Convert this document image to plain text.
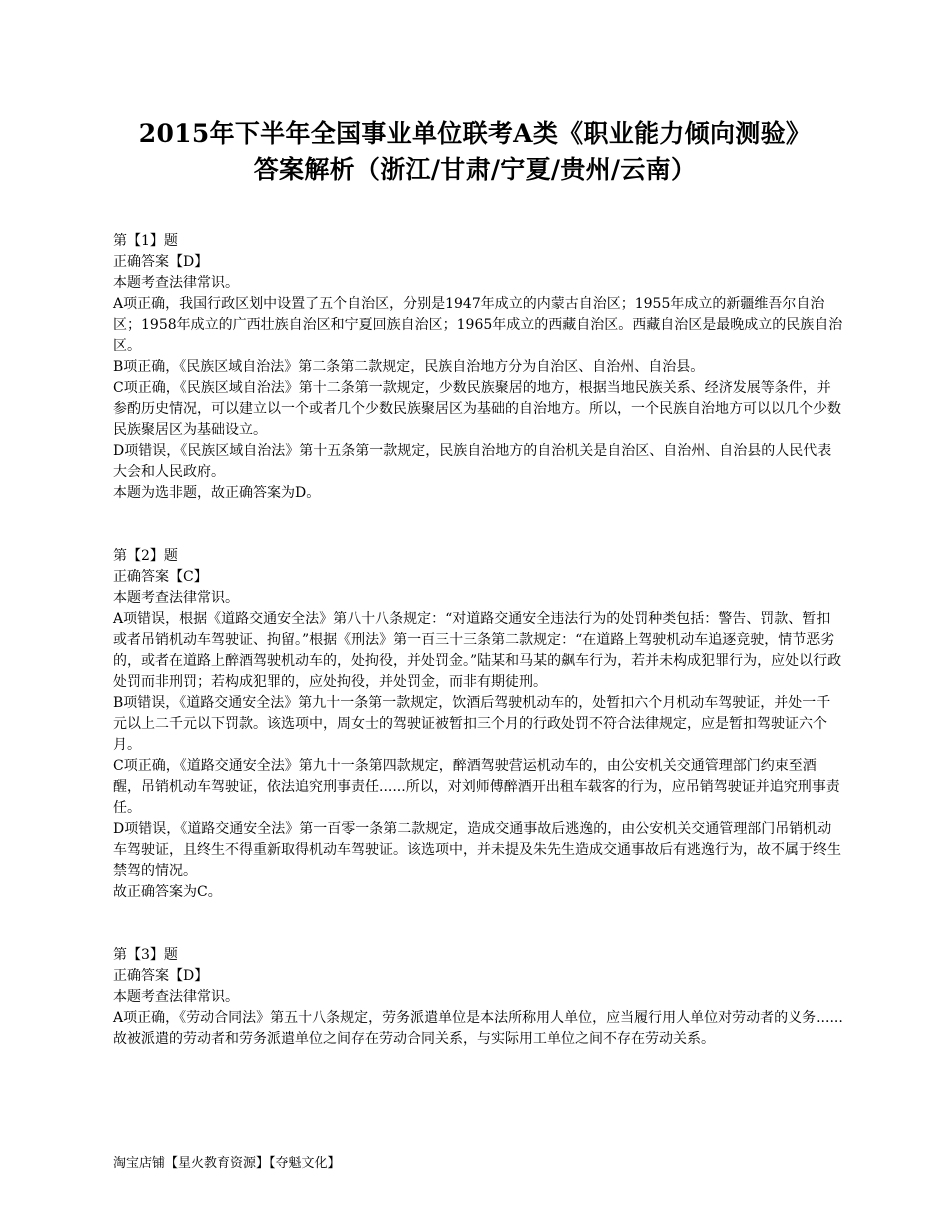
2015年下半年全国事业单位联考A类《职业能力倾向测验》
答案解析（浙江/甘肃/宁夏/贵州/云南）

第【1】题

正确答案【D】

本题考查法律常识。

A项正确，我国行政区划中设置了五个自治区，分别是1947年成立的内蒙古自治区；1955年成立的新疆维吾尔自治区；1958年成立的广西壮族自治区和宁夏回族自治区；1965年成立的西藏自治区。西藏自治区是最晚成立的民族自治区。

B项正确，《民族区域自治法》第二条第二款规定，民族自治地方分为自治区、自治州、自治县。

C项正确，《民族区域自治法》第十二条第一款规定，少数民族聚居的地方，根据当地民族关系、经济发展等条件，并参酌历史情况，可以建立以一个或者几个少数民族聚居区为基础的自治地方。所以，一个民族自治地方可以以几个少数民族聚居区为基础设立。

D项错误，《民族区域自治法》第十五条第一款规定，民族自治地方的自治机关是自治区、自治州、自治县的人民代表大会和人民政府。

本题为选非题，故正确答案为D。

第【2】题

正确答案【C】

本题考查法律常识。

A项错误，根据《道路交通安全法》第八十八条规定：“对道路交通安全违法行为的处罚种类包括：警告、罚款、暂扣或者吊销机动车驾驶证、拘留。”根据《刑法》第一百三十三条第二款规定：“在道路上驾驶机动车追逐竞驶，情节恶劣的，或者在道路上醉酒驾驶机动车的，处拘役，并处罚金。”陆某和马某的飙车行为，若并未构成犯罪行为，应处以行政处罚而非刑罚；若构成犯罪的，应处拘役，并处罚金，而非有期徒刑。

B项错误，《道路交通安全法》第九十一条第一款规定，饮酒后驾驶机动车的，处暂扣六个月机动车驾驶证，并处一千元以上二千元以下罚款。该选项中，周女士的驾驶证被暂扣三个月的行政处罚不符合法律规定，应是暂扣驾驶证六个月。

C项正确，《道路交通安全法》第九十一条第四款规定，醉酒驾驶营运机动车的，由公安机关交通管理部门约束至酒醒，吊销机动车驾驶证，依法追究刑事责任......所以，对刘师傅醉酒开出租车载客的行为，应吊销驾驶证并追究刑事责任。

D项错误，《道路交通安全法》第一百零一条第二款规定，造成交通事故后逃逸的，由公安机关交通管理部门吊销机动车驾驶证，且终生不得重新取得机动车驾驶证。该选项中，并未提及朱先生造成交通事故后有逃逸行为，故不属于终生禁驾的情况。

故正确答案为C。

第【3】题

正确答案【D】

本题考查法律常识。

A项正确，《劳动合同法》第五十八条规定，劳务派遣单位是本法所称用人单位，应当履行用人单位对劳动者的义务......故被派遣的劳动者和劳务派遣单位之间存在劳动合同关系，与实际用工单位之间不存在劳动关系。

淘宝店铺【星火教育资源】【夺魁文化】
